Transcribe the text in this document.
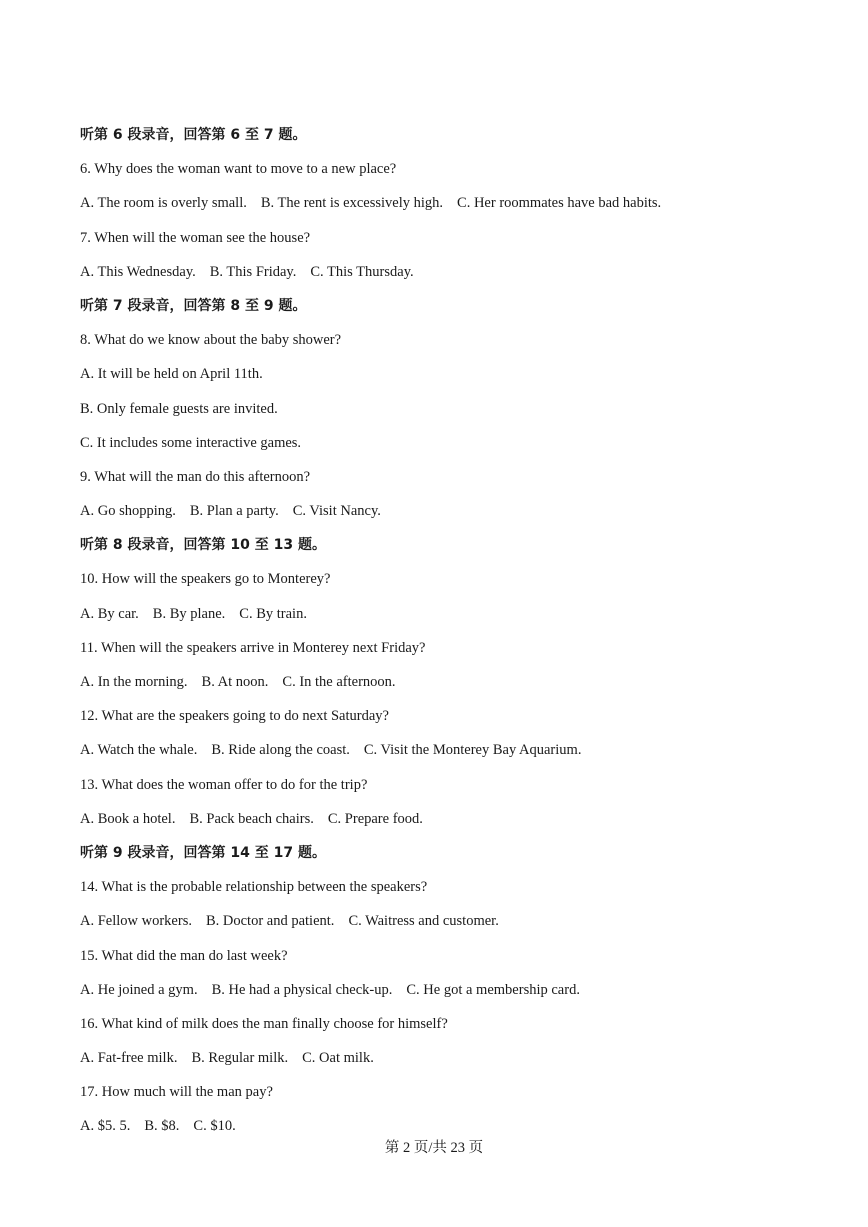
听第 6 段录音，回答第 6 至 7 题。
6. Why does the woman want to move to a new place?
A. The room is overly small. B. The rent is excessively high. C. Her roommates have bad habits.
7. When will the woman see the house?
A. This Wednesday. B. This Friday. C. This Thursday.
听第 7 段录音，回答第 8 至 9 题。
8. What do we know about the baby shower?
A. It will be held on April 11th.
B. Only female guests are invited.
C. It includes some interactive games.
9. What will the man do this afternoon?
A. Go shopping. B. Plan a party. C. Visit Nancy.
听第 8 段录音，回答第 10 至 13 题。
10. How will the speakers go to Monterey?
A. By car. B. By plane. C. By train.
11. When will the speakers arrive in Monterey next Friday?
A. In the morning. B. At noon. C. In the afternoon.
12. What are the speakers going to do next Saturday?
A. Watch the whale. B. Ride along the coast. C. Visit the Monterey Bay Aquarium.
13. What does the woman offer to do for the trip?
A. Book a hotel. B. Pack beach chairs. C. Prepare food.
听第 9 段录音，回答第 14 至 17 题。
14. What is the probable relationship between the speakers?
A. Fellow workers. B. Doctor and patient. C. Waitress and customer.
15. What did the man do last week?
A. He joined a gym. B. He had a physical check-up. C. He got a membership card.
16. What kind of milk does the man finally choose for himself?
A. Fat-free milk. B. Regular milk. C. Oat milk.
17. How much will the man pay?
A. $5. 5. B. $8. C. $10.
第 2 页/共 23 页
